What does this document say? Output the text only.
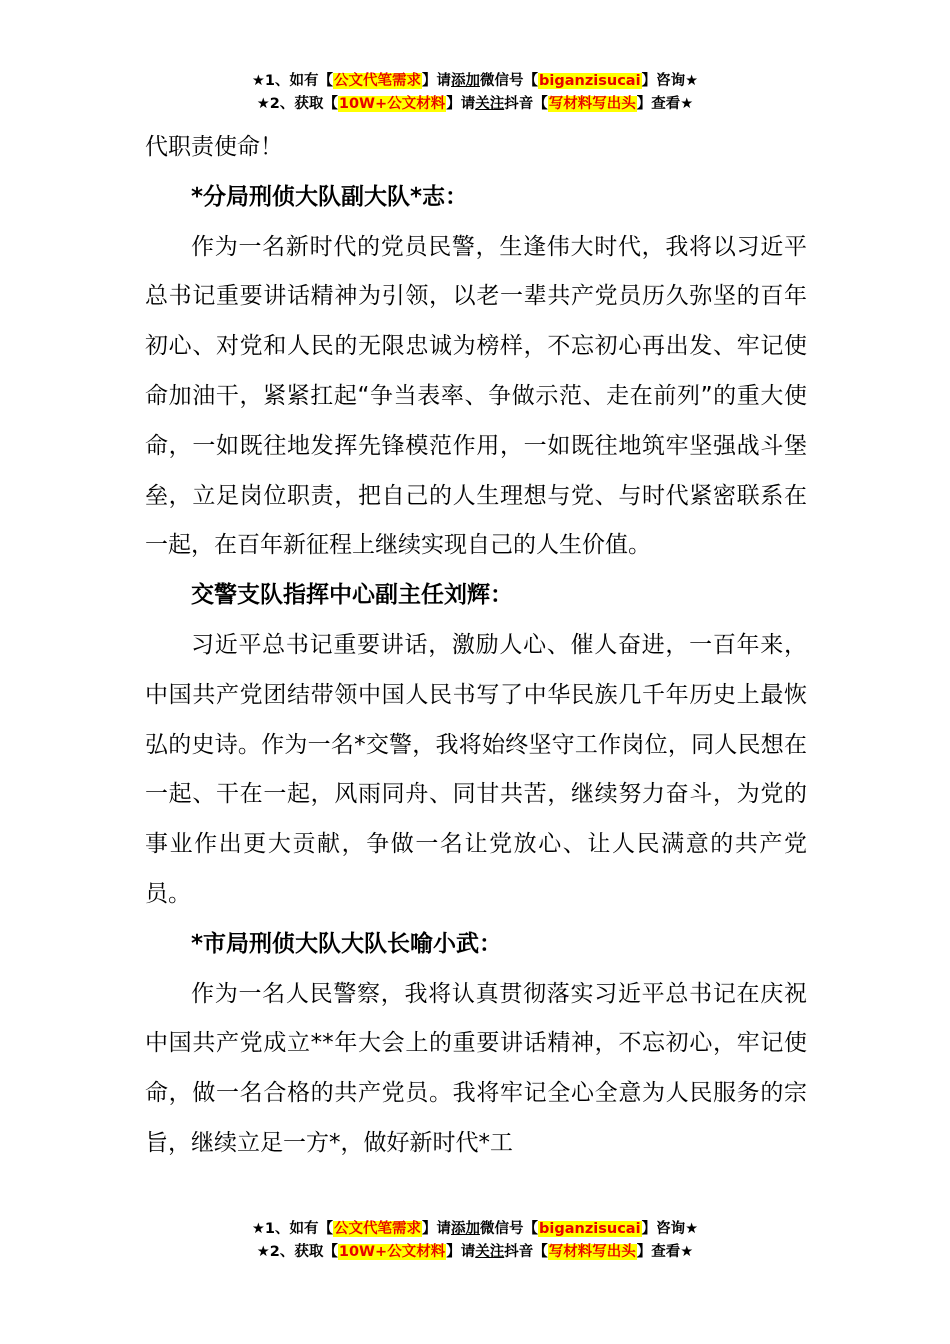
★1、如有【公文代笔需求】请添加微信号【biganzisucai】咨询★
★2、获取【10W+公文材料】请关注抖音【写材料写出头】查看★

代职责使命！

*分局刑侦大队副大队*志：

作为一名新时代的党员民警，生逢伟大时代，我将以习近平总书记重要讲话精神为引领，以老一辈共产党员历久弥坚的百年初心、对党和人民的无限忠诚为榜样，不忘初心再出发、牢记使命加油干，紧紧扛起“争当表率、争做示范、走在前列”的重大使命，一如既往地发挥先锋模范作用，一如既往地筑牢坚强战斗堡垒，立足岗位职责，把自己的人生理想与党、与时代紧密联系在一起，在百年新征程上继续实现自己的人生价值。

交警支队指挥中心副主任刘辉：

习近平总书记重要讲话，激励人心、催人奋进，一百年来，中国共产党团结带领中国人民书写了中华民族几千年历史上最恢弘的史诗。作为一名*交警，我将始终坚守工作岗位，同人民想在一起、干在一起，风雨同舟、同甘共苦，继续努力奋斗，为党的事业作出更大贡献，争做一名让党放心、让人民满意的共产党员。

*市局刑侦大队大队长喻小武：

作为一名人民警察，我将认真贯彻落实习近平总书记在庆祝中国共产党成立**年大会上的重要讲话精神，不忘初心，牢记使命，做一名合格的共产党员。我将牢记全心全意为人民服务的宗旨，继续立足一方*，做好新时代*工

★1、如有【公文代笔需求】请添加微信号【biganzisucai】咨询★
★2、获取【10W+公文材料】请关注抖音【写材料写出头】查看★
